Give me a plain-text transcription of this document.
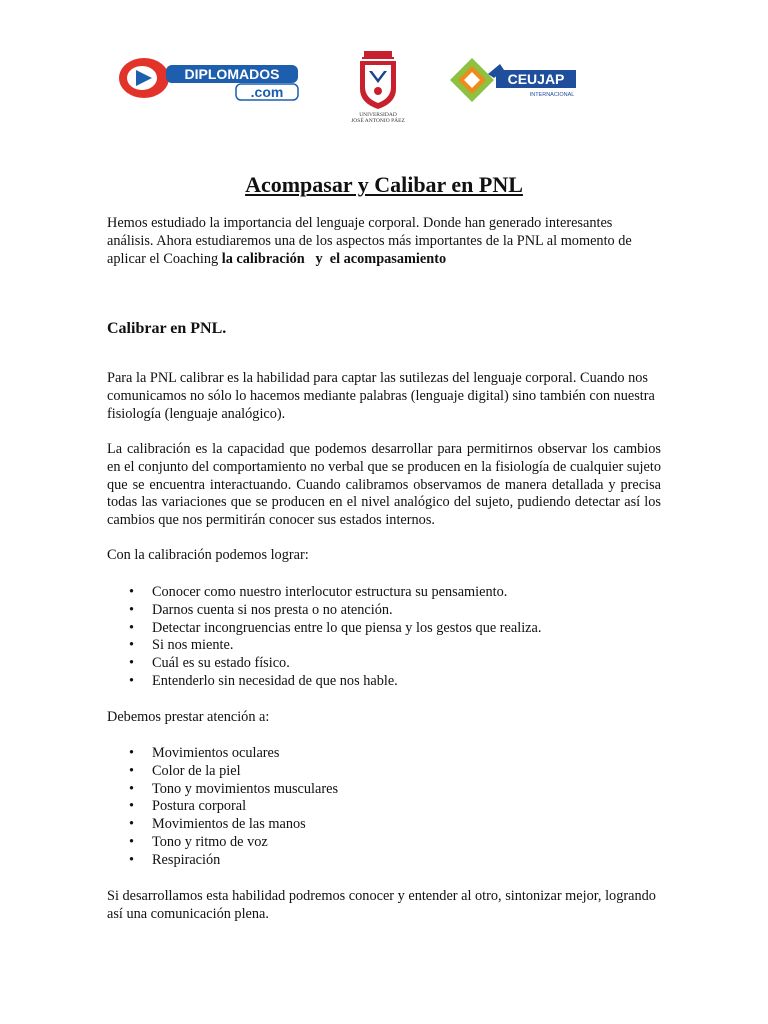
DIPLOMADOS
.com
UNIVERSIDAD
JOSÉ ANTONIO PÁEZ
CEUJAP
INTERNACIONAL
Acompasar y Calibar en PNL

Hemos estudiado la importancia del lenguaje corporal. Donde han generado interesantes análisis. Ahora estudiaremos una de los aspectos más importantes de la PNL al momento de aplicar el Coaching la calibración   y  el acompasamiento

Calibrar en PNL.

Para la PNL calibrar es la habilidad para captar las sutilezas del lenguaje corporal. Cuando nos comunicamos no sólo lo hacemos mediante palabras (lenguaje digital) sino también con nuestra fisiología (lenguaje analógico).

La calibración es la capacidad que podemos desarrollar para permitirnos observar los cambios en el conjunto del comportamiento no verbal que se producen en la fisiología de cualquier sujeto que se encuentra interactuando. Cuando calibramos observamos de manera detallada y precisa todas las variaciones que se producen en el nivel analógico del sujeto, pudiendo detectar así los cambios que nos permitirán conocer sus estados internos.

Con la calibración podemos lograr:

• Conocer como nuestro interlocutor estructura su pensamiento.
• Darnos cuenta si nos presta o no atención.
• Detectar incongruencias entre lo que piensa y los gestos que realiza.
• Si nos miente.
• Cuál es su estado físico.
• Entenderlo sin necesidad de que nos hable.

Debemos prestar atención a:

• Movimientos oculares
• Color de la piel
• Tono y movimientos musculares
• Postura corporal
• Movimientos de las manos
• Tono y ritmo de voz
• Respiración

Si desarrollamos esta habilidad podremos conocer y entender al otro, sintonizar mejor, logrando así una comunicación plena.
